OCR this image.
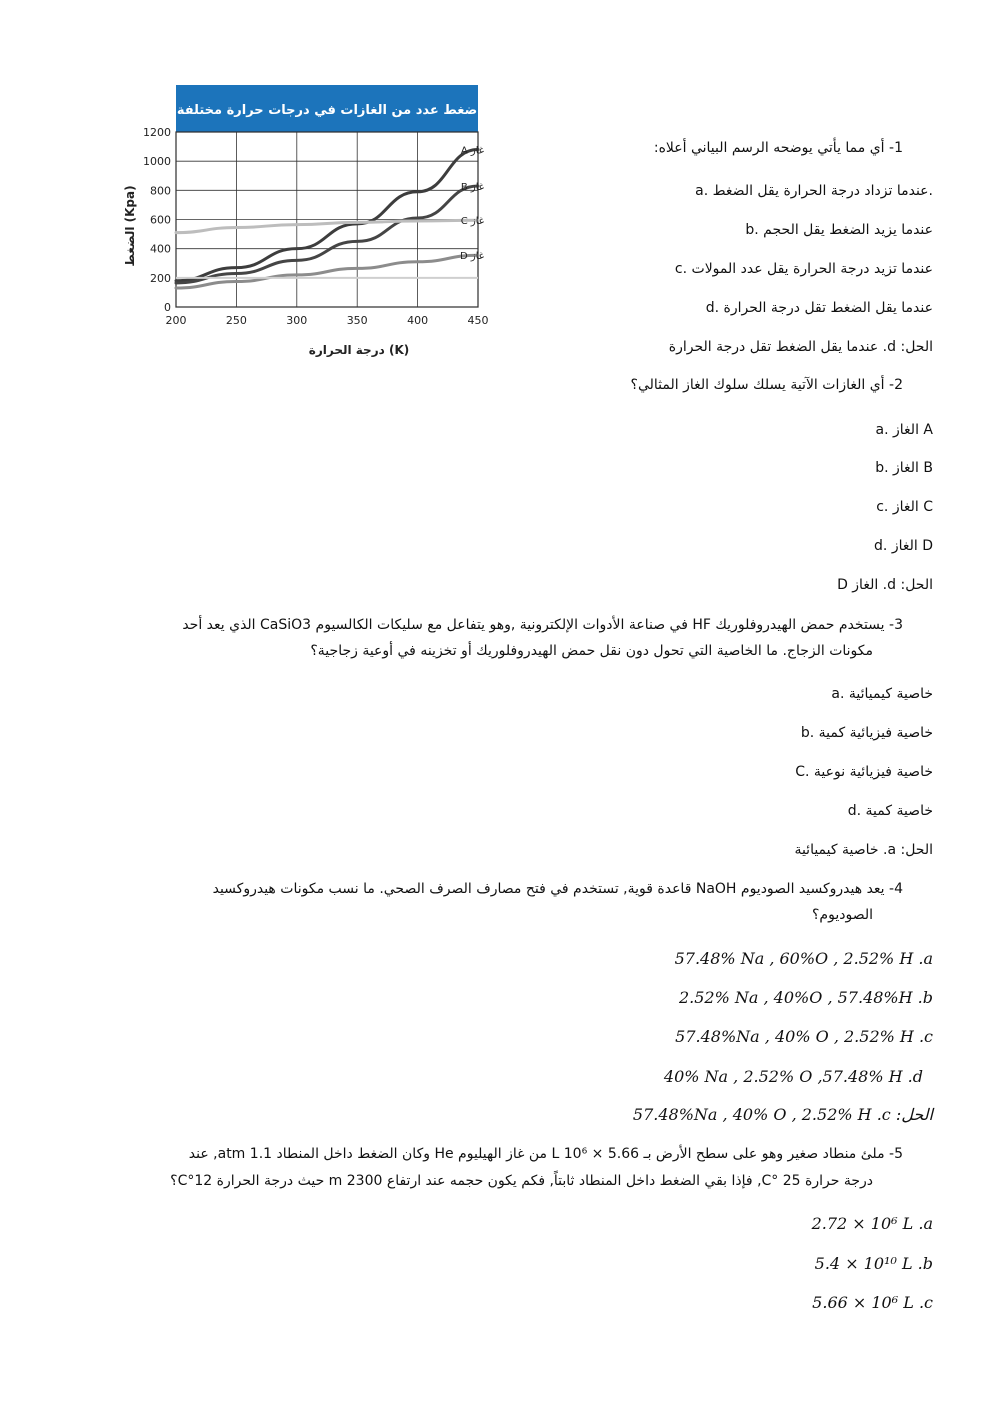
ضغط عدد من الغازات في درجات حرارة مختلفة
200	250	300	350	400	450
0
200
400
600
800
1000
1200
غاز A
غاز B
غاز C
غاز D
درجة الحرارة (K)
الضغط (Kpa)
1- أي مما يأتي يوضحه الرسم البياني أعلاه:
a. عندما تزداد درجة الحرارة يقل الضغط.
b. عندما يزيد الضغط يقل الحجم
c. عندما تزيد درجة الحرارة يقل عدد المولات
d. عندما يقل الضغط تقل درجة الحرارة
الحل: d. عندما يقل الضغط تقل درجة الحرارة
2- أي الغازات الآتية يسلك سلوك الغاز المثالي؟
a. الغاز A
b. الغاز B
c. الغاز C
d. الغاز D
الحل: d. الغاز D
3- يستخدم حمض الهيدروفلوريك HF في صناعة الأدوات الإلكترونية ,وهو يتفاعل مع سليكات الكالسيوم CaSiO3 الذي يعد أحد
مكونات الزجاج. ما الخاصية التي تحول دون نقل حمض الهيدروفلوريك أو تخزينه في أوعية زجاجية؟
a. خاصية كيميائية
b. خاصية فيزيائية كمية
C. خاصية فيزيائية نوعية
d. خاصية كمية
الحل: a. خاصية كيميائية
4- يعد هيدروكسيد الصوديوم NaOH قاعدة قوية, تستخدم في فتح مصارف الصرف الصحي. ما نسب مكونات هيدروكسيد
الصوديوم؟
57.48% Na , 60%O , 2.52% H .a
2.52% Na , 40%O , 57.48%H .b
57.48%Na , 40% O , 2.52% H .c
40% Na , 2.52% O ,57.48% H .d
57.48%Na , 40% O , 2.52% H .c :الحل
5- ملئ منطاد صغير وهو على سطح الأرض بـ 5.66 × 10⁶ L من غاز الهيليوم He وكان الضغط داخل المنطاد 1.1 atm, عند
درجة حرارة 25 °C, فإذا بقي الضغط داخل المنطاد ثابتاً, فكم يكون حجمه عند ارتفاع 2300 m حيث درجة الحرارة 12°C؟
2.72 × 10⁶ L .a
5.4 × 10¹⁰ L .b
5.66 × 10⁶ L .c
